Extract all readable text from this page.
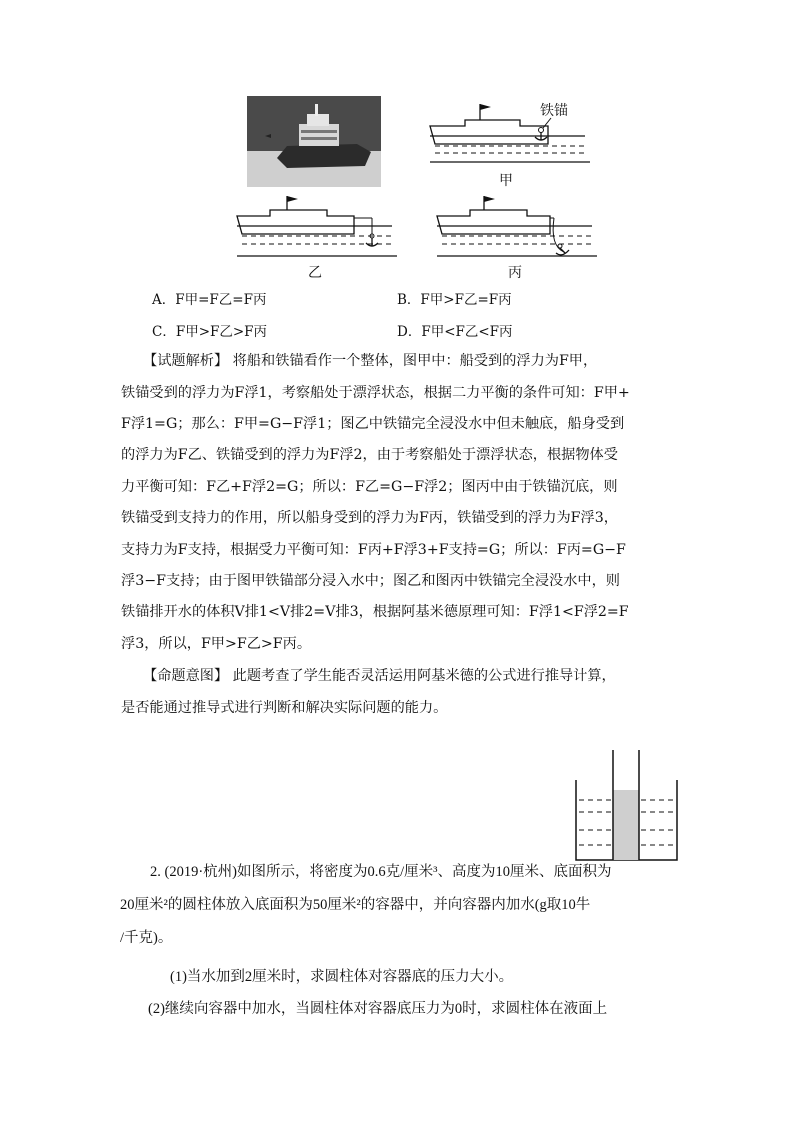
铁锚
甲
乙	丙
A．F甲=F乙=F丙	B．F甲>F乙=F丙
C．F甲>F乙>F丙	D．F甲<F乙<F丙
【试题解析】 将船和铁锚看作一个整体，图甲中：船受到的浮力为F甲，
铁锚受到的浮力为F浮1，考察船处于漂浮状态，根据二力平衡的条件可知：F甲+
F浮1=G；那么：F甲=G−F浮1；图乙中铁锚完全浸没水中但未触底，船身受到
的浮力为F乙、铁锚受到的浮力为F浮2，由于考察船处于漂浮状态，根据物体受
力平衡可知：F乙+F浮2=G；所以：F乙=G−F浮2；图丙中由于铁锚沉底，则
铁锚受到支持力的作用，所以船身受到的浮力为F丙，铁锚受到的浮力为F浮3，
支持力为F支持，根据受力平衡可知：F丙+F浮3+F支持=G；所以：F丙=G−F
浮3−F支持；由于图甲铁锚部分浸入水中；图乙和图丙中铁锚完全浸没水中，则
铁锚排开水的体积V排1<V排2=V排3，根据阿基米德原理可知：F浮1<F浮2=F
浮3，所以，F甲>F乙>F丙。
【命题意图】 此题考查了学生能否灵活运用阿基米德的公式进行推导计算，
是否能通过推导式进行判断和解决实际问题的能力。
2. (2019·杭州)如图所示，将密度为0.6克/厘米³、高度为10厘米、底面积为
20厘米²的圆柱体放入底面积为50厘米²的容器中，并向容器内加水(g取10牛
/千克)。
(1)当水加到2厘米时，求圆柱体对容器底的压力大小。
(2)继续向容器中加水，当圆柱体对容器底压力为0时，求圆柱体在液面上
